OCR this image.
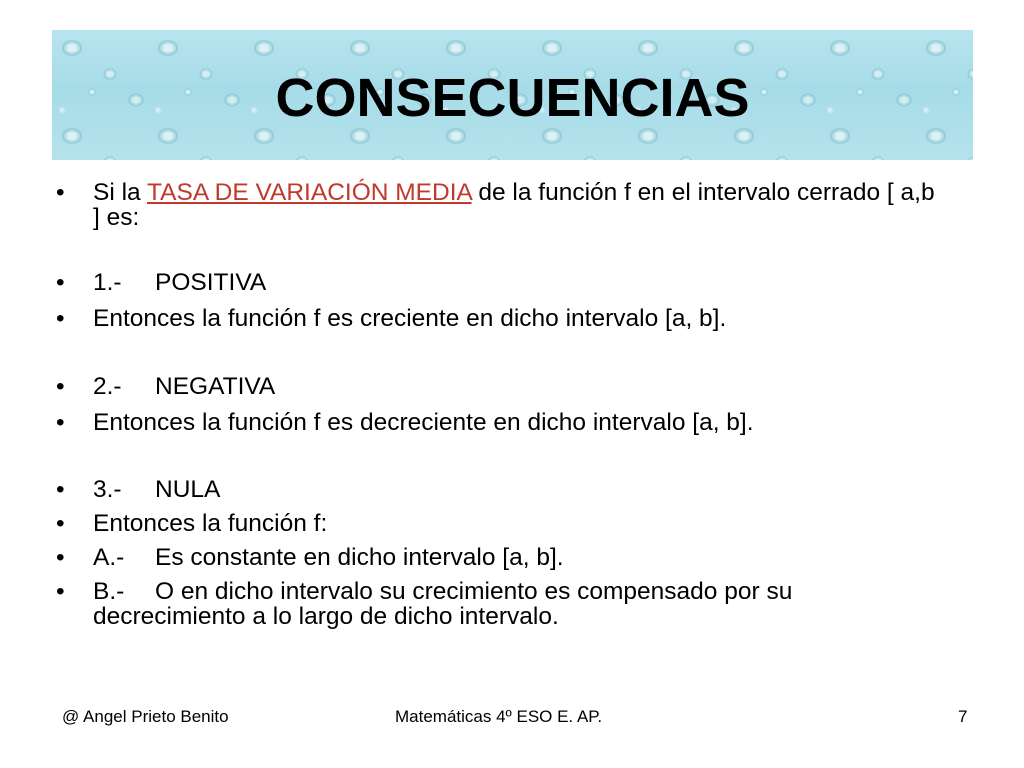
CONSECUENCIAS
• Si la TASA DE VARIACIÓN MEDIA de la función f en el intervalo cerrado [ a,b ] es:
• 1.- POSITIVA
• Entonces la función f es creciente en dicho intervalo [a, b].
• 2.- NEGATIVA
• Entonces la función f es decreciente en dicho intervalo [a, b].
• 3.- NULA
• Entonces la función f:
• A.- Es constante en dicho intervalo [a, b].
• B.- O en dicho intervalo su crecimiento es compensado por su decrecimiento a lo largo de dicho intervalo.
@ Angel Prieto Benito	Matemáticas 4º ESO E. AP.	7
